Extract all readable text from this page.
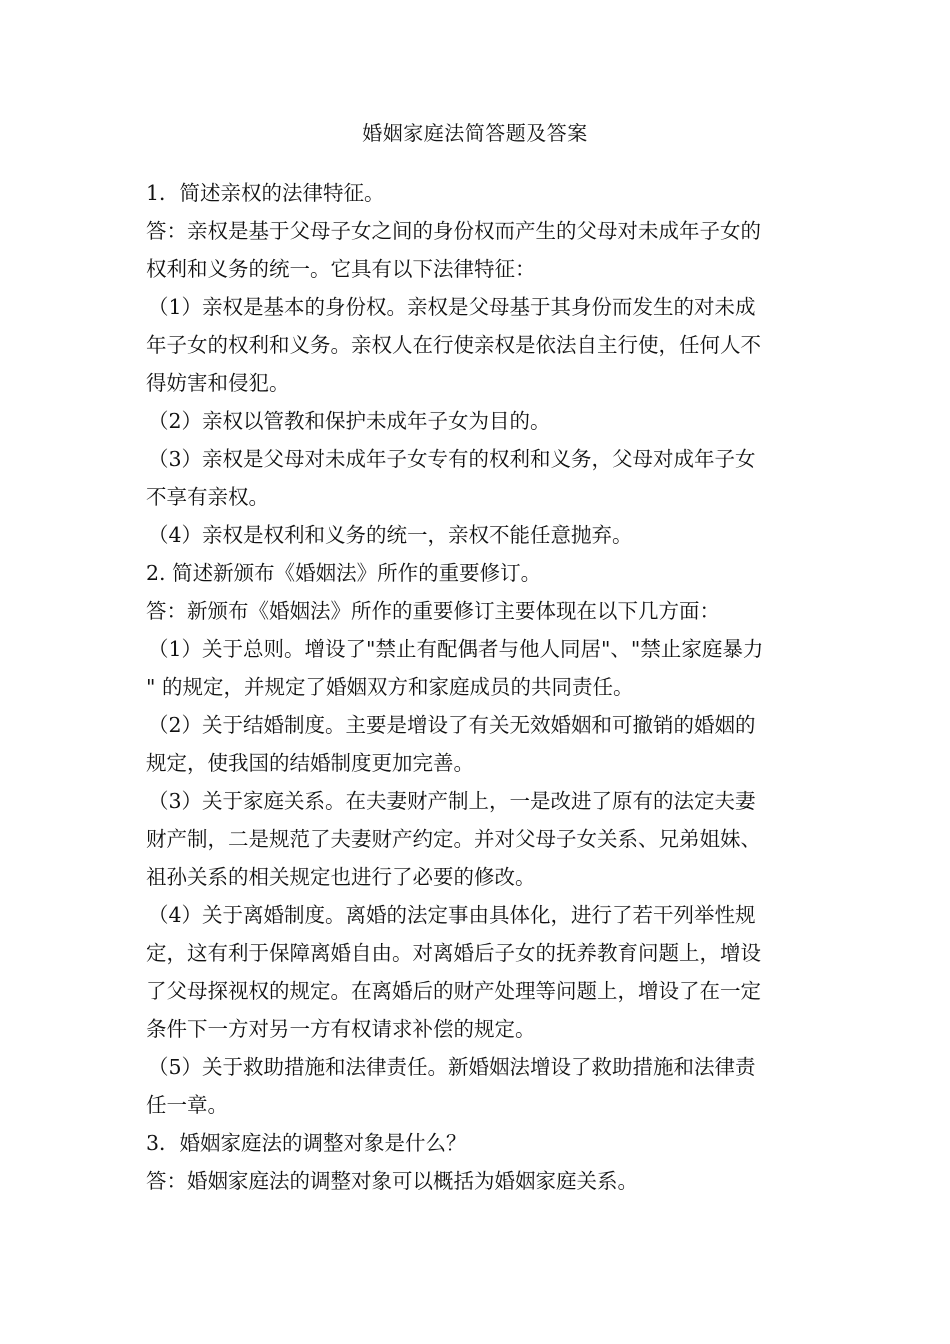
婚姻家庭法简答题及答案
1．简述亲权的法律特征。
答：亲权是基于父母子女之间的身份权而产生的父母对未成年子女的
权利和义务的统一。它具有以下法律特征：
（1）亲权是基本的身份权。亲权是父母基于其身份而发生的对未成
年子女的权利和义务。亲权人在行使亲权是依法自主行使，任何人不
得妨害和侵犯。
（2）亲权以管教和保护未成年子女为目的。
（3）亲权是父母对未成年子女专有的权利和义务，父母对成年子女
不享有亲权。
（4）亲权是权利和义务的统一，亲权不能任意抛弃。
2. 简述新颁布《婚姻法》所作的重要修订。
答：新颁布《婚姻法》所作的重要修订主要体现在以下几方面：
（1）关于总则。增设了"禁止有配偶者与他人同居"、"禁止家庭暴力
" 的规定，并规定了婚姻双方和家庭成员的共同责任。
（2）关于结婚制度。主要是增设了有关无效婚姻和可撤销的婚姻的
规定，使我国的结婚制度更加完善。
（3）关于家庭关系。在夫妻财产制上，一是改进了原有的法定夫妻
财产制，二是规范了夫妻财产约定。并对父母子女关系、兄弟姐妹、
祖孙关系的相关规定也进行了必要的修改。
（4）关于离婚制度。离婚的法定事由具体化，进行了若干列举性规
定，这有利于保障离婚自由。对离婚后子女的抚养教育问题上，增设
了父母探视权的规定。在离婚后的财产处理等问题上，增设了在一定
条件下一方对另一方有权请求补偿的规定。
（5）关于救助措施和法律责任。新婚姻法增设了救助措施和法律责
任一章。
3．婚姻家庭法的调整对象是什么？
答：婚姻家庭法的调整对象可以概括为婚姻家庭关系。
